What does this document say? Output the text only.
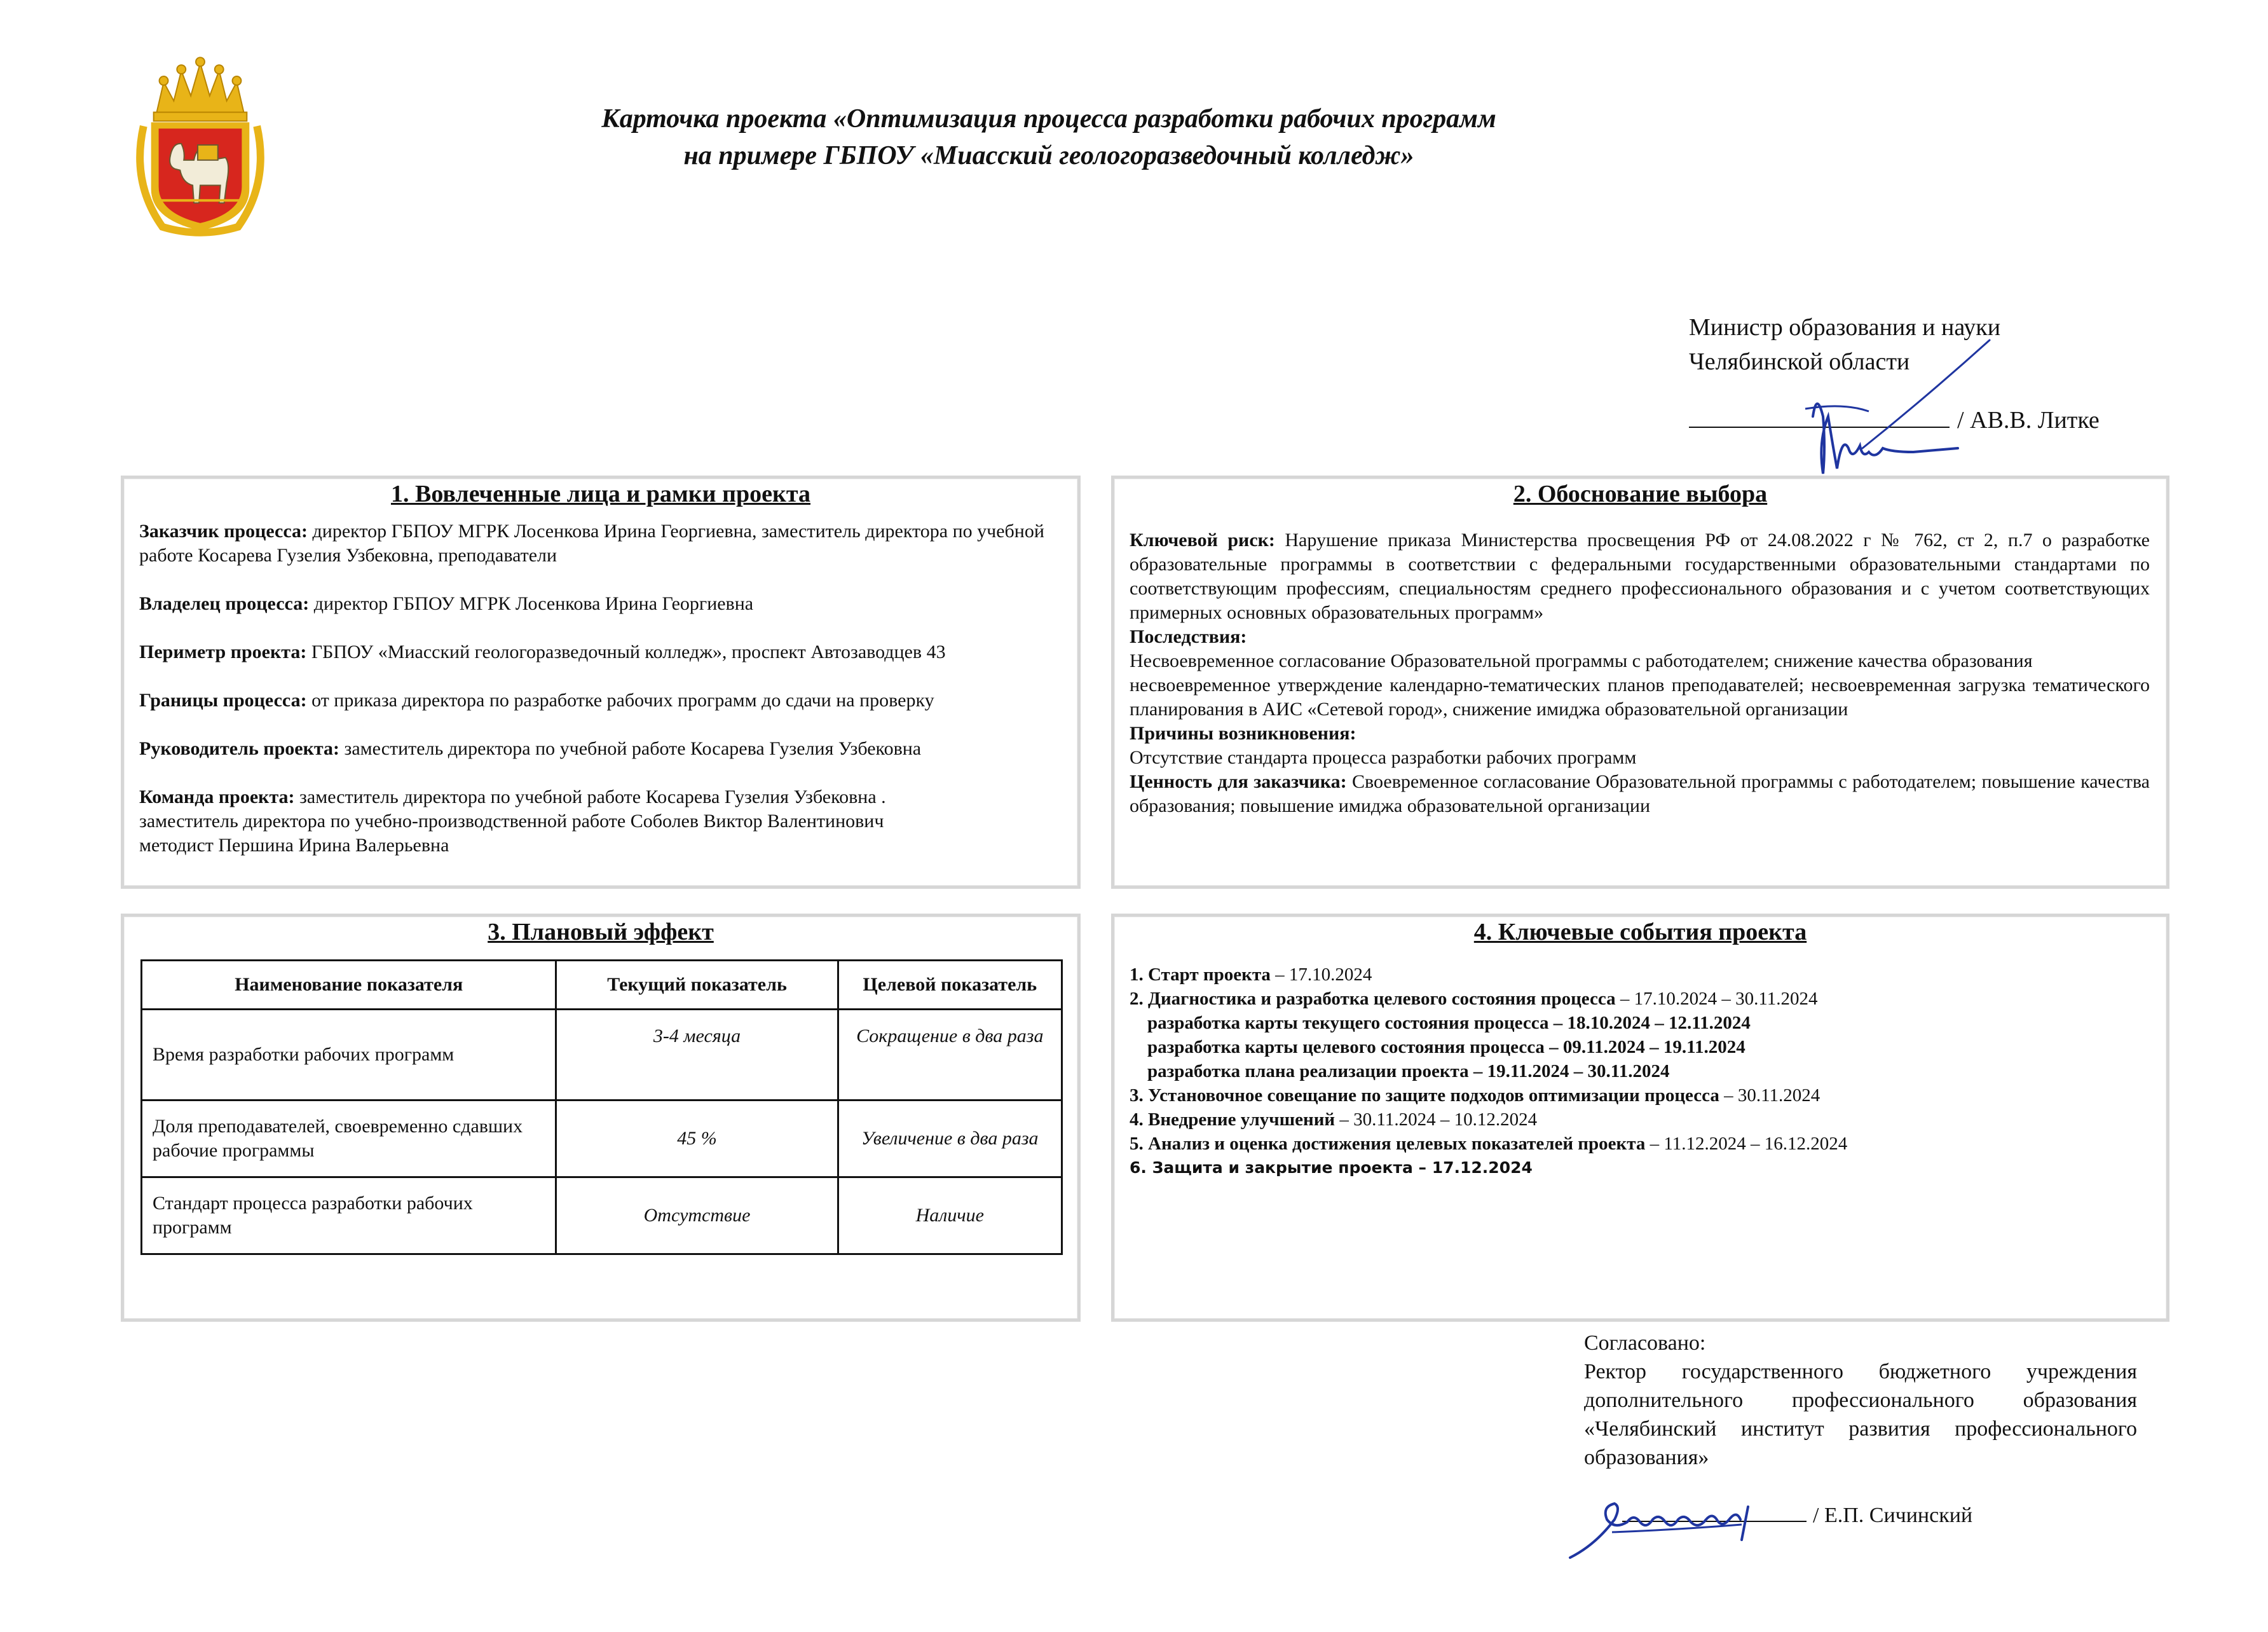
Карточка проекта «Оптимизация процесса разработки рабочих программ
на примере ГБПОУ «Миасский геологоразведочный колледж»
Министр образования и науки
Челябинской области
/ АВ.В. Литке
1. Вовлеченные лица и рамки проекта

Заказчик процесса: директор ГБПОУ МГРК Лосенкова Ирина Георгиевна, заместитель директора по учебной работе Косарева Гузелия Узбековна, преподаватели

Владелец процесса: директор ГБПОУ МГРК Лосенкова Ирина Георгиевна

Периметр проекта: ГБПОУ «Миасский геологоразведочный колледж», проспект Автозаводцев 43

Границы процесса: от приказа директора по разработке рабочих программ до сдачи на проверку

Руководитель проекта: заместитель директора по учебной работе Косарева Гузелия Узбековна

Команда проекта: заместитель директора по учебной работе Косарева Гузелия Узбековна .
заместитель директора по учебно-производственной работе Соболев Виктор Валентинович
методист Першина Ирина Валерьевна
2. Обоснование выбора

Ключевой риск: Нарушение приказа Министерства просвещения РФ от 24.08.2022 г № 762, ст 2, п.7 о разработке образовательные программы в соответствии с федеральными государственными образовательными стандартами по соответствующим профессиям, специальностям среднего профессионального образования и с учетом соответствующих примерных основных образовательных программ»

Последствия:

Несвоевременное согласование Образовательной программы с работодателем; снижение качества образования

несвоевременное утверждение календарно-тематических планов преподавателей; несвоевременная загрузка тематического планирования в АИС «Сетевой город», снижение имиджа образовательной организации

Причины возникновения:

Отсутствие стандарта процесса разработки рабочих программ

Ценность для заказчика: Своевременное согласование Образовательной программы с работодателем; повышение качества образования; повышение имиджа образовательной организации

3. Плановый эффект
Наименование показателя	Текущий показатель	Целевой показатель
Время разработки рабочих программ	3-4 месяца	Сокращение в два раза
Доля преподавателей, своевременно сдавших рабочие программы	45 %	Увеличение в два раза
Стандарт процесса разработки рабочих программ	Отсутствие	Наличие
4. Ключевые события проекта

1. Старт проекта – 17.10.2024

2. Диагностика и разработка целевого состояния процесса – 17.10.2024 – 30.11.2024

разработка карты текущего состояния процесса – 18.10.2024 – 12.11.2024

разработка карты целевого состояния процесса – 09.11.2024 – 19.11.2024

разработка плана реализации проекта – 19.11.2024 – 30.11.2024

3. Установочное совещание по защите подходов оптимизации процесса – 30.11.2024

4. Внедрение улучшений – 30.11.2024 – 10.12.2024

5. Анализ и оценка достижения целевых показателей проекта – 11.12.2024 – 16.12.2024

6. Защита и закрытие проекта – 17.12.2024

Согласовано:
Ректор государственного бюджетного учреждения
дополнительного профессионального образования
«Челябинский институт развития профессионального
образования»
/ Е.П. Сичинский
